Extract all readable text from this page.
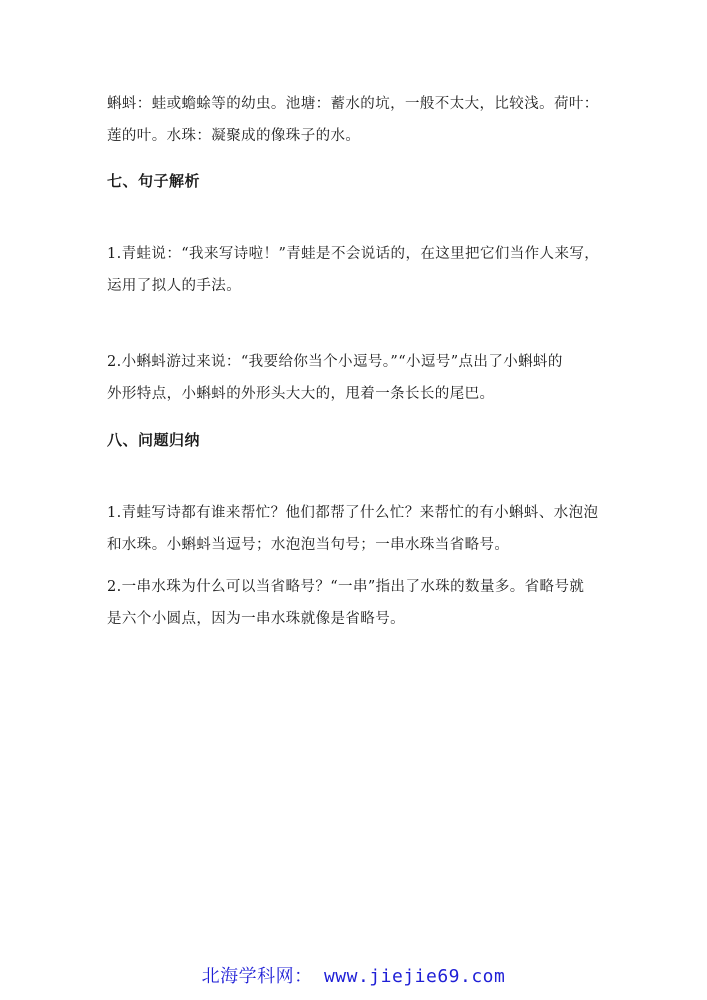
蝌蚪：蛙或蟾蜍等的幼虫。池塘：蓄水的坑，一般不太大，比较浅。荷叶：
莲的叶。水珠：凝聚成的像珠子的水。

七、句子解析

1.青蛙说：“我来写诗啦！”青蛙是不会说话的，在这里把它们当作人来写，
运用了拟人的手法。

2.小蝌蚪游过来说：“我要给你当个小逗号。”“小逗号”点出了小蝌蚪的
外形特点，小蝌蚪的外形头大大的，甩着一条长长的尾巴。

八、问题归纳

1.青蛙写诗都有谁来帮忙？他们都帮了什么忙？来帮忙的有小蝌蚪、水泡泡
和水珠。小蝌蚪当逗号；水泡泡当句号；一串水珠当省略号。

2.一串水珠为什么可以当省略号？“一串”指出了水珠的数量多。省略号就
是六个小圆点，因为一串水珠就像是省略号。

北海学科网： www.jiejie69.com
